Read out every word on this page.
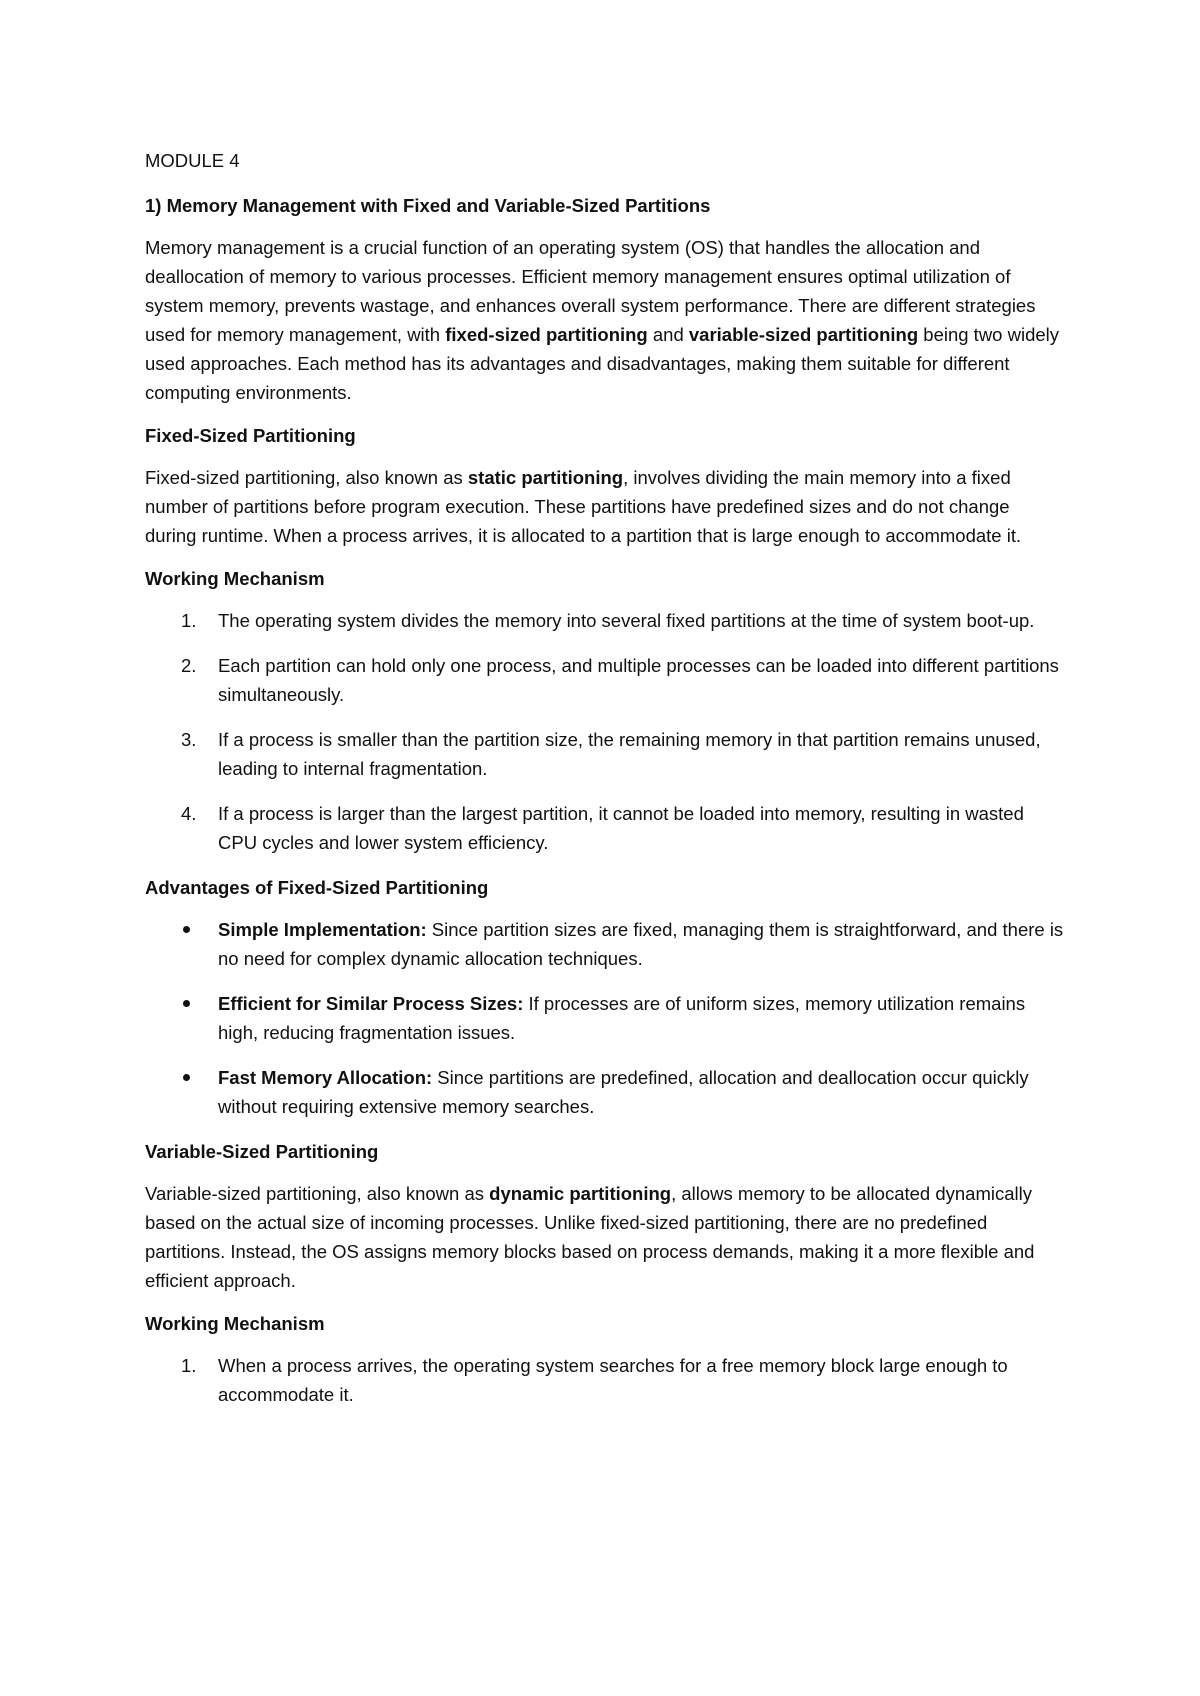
MODULE 4
1) Memory Management with Fixed and Variable-Sized Partitions

Memory management is a crucial function of an operating system (OS) that handles the allocation and deallocation of memory to various processes. Efficient memory management ensures optimal utilization of system memory, prevents wastage, and enhances overall system performance. There are different strategies used for memory management, with fixed-sized partitioning and variable-sized partitioning being two widely used approaches. Each method has its advantages and disadvantages, making them suitable for different computing environments.

Fixed-Sized Partitioning

Fixed-sized partitioning, also known as static partitioning, involves dividing the main memory into a fixed number of partitions before program execution. These partitions have predefined sizes and do not change during runtime. When a process arrives, it is allocated to a partition that is large enough to accommodate it.

Working Mechanism
1. The operating system divides the memory into several fixed partitions at the time of system boot-up.
2. Each partition can hold only one process, and multiple processes can be loaded into different partitions simultaneously.
3. If a process is smaller than the partition size, the remaining memory in that partition remains unused, leading to internal fragmentation.
4. If a process is larger than the largest partition, it cannot be loaded into memory, resulting in wasted CPU cycles and lower system efficiency.
Advantages of Fixed-Sized Partitioning
Simple Implementation: Since partition sizes are fixed, managing them is straightforward, and there is no need for complex dynamic allocation techniques.
Efficient for Similar Process Sizes: If processes are of uniform sizes, memory utilization remains high, reducing fragmentation issues.
Fast Memory Allocation: Since partitions are predefined, allocation and deallocation occur quickly without requiring extensive memory searches.
Variable-Sized Partitioning

Variable-sized partitioning, also known as dynamic partitioning, allows memory to be allocated dynamically based on the actual size of incoming processes. Unlike fixed-sized partitioning, there are no predefined partitions. Instead, the OS assigns memory blocks based on process demands, making it a more flexible and efficient approach.

Working Mechanism
1. When a process arrives, the operating system searches for a free memory block large enough to accommodate it.
